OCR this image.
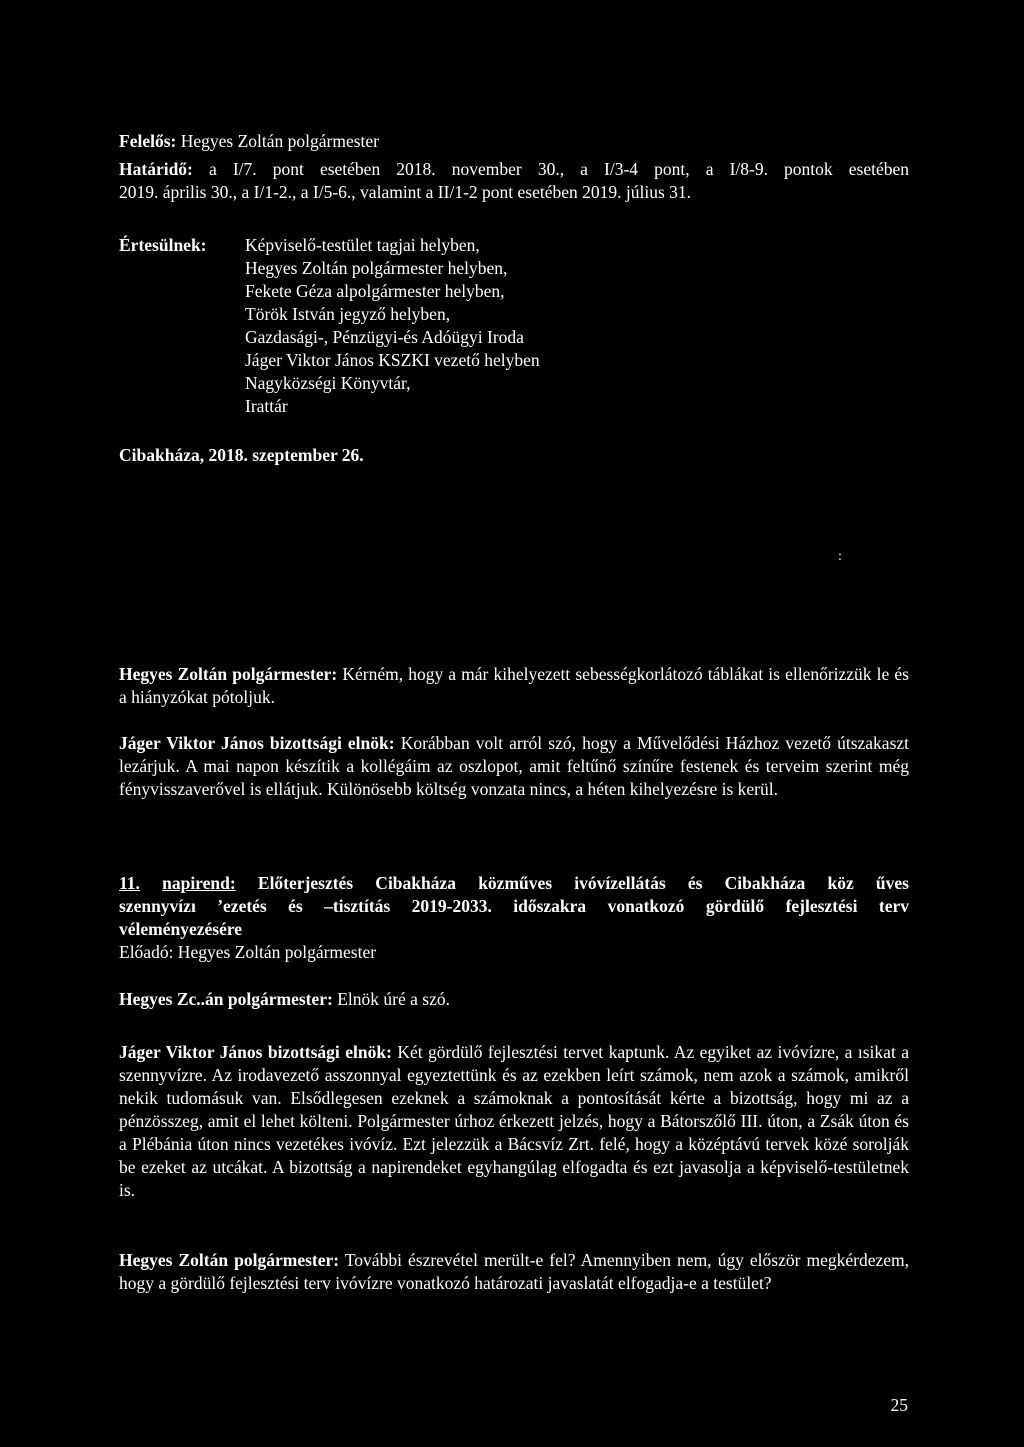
Felelős: Hegyes Zoltán polgármester
Határidő: a I/7. pont esetében 2018. november 30., a I/3-4 pont, a I/8-9. pontok esetében
2019. április 30., a I/1-2., a I/5-6., valamint a II/1-2 pont esetében 2019. július 31.
Értesülnek: Képviselő-testület tagjai helyben,
Hegyes Zoltán polgármester helyben,
Fekete Géza alpolgármester helyben,
Török István jegyző helyben,
Gazdasági-, Pénzügyi-és Adóügyi Iroda
Jáger Viktor János KSZKI vezető helyben
Nagyközségi Könyvtár,
Irattár
Cibakháza, 2018. szeptember 26.
:

Hegyes Zoltán polgármester: Kérném, hogy a már kihelyezett sebességkorlátozó táblákat is ellenőrizzük le és a hiányzókat pótoljuk.

Jáger Viktor János bizottsági elnök: Korábban volt arról szó, hogy a Művelődési Házhoz vezető útszakaszt lezárjuk. A mai napon készítik a kollégáim az oszlopot, amit feltűnő színűre festenek és terveim szerint még fényvisszaverővel is ellátjuk. Különösebb költség vonzata nincs, a héten kihelyezésre is kerül.

11. napirend: Előterjesztés Cibakháza közműves ivóvízellátás és Cibakháza köz űves
szennyvízı ’ezetés és –tisztítás 2019-2033. időszakra vonatkozó gördülő fejlesztési terv
véleményezésére
Előadó: Hegyes Zoltán polgármester

Hegyes Zc..án polgármester: Elnök úré a szó.

Jáger Viktor János bizottsági elnök: Két gördülő fejlesztési tervet kaptunk. Az egyiket az ivóvízre, a ısikat a szennyvízre. Az irodavezető asszonnyal egyeztettünk és az ezekben leírt számok, nem azok a számok, amikről nekik tudomásuk van. Elsődlegesen ezeknek a számoknak a pontosítását kérte a bizottság, hogy mi az a pénzösszeg, amit el lehet költeni. Polgármester úrhoz érkezett jelzés, hogy a Bátorszőlő III. úton, a Zsák úton és a Plébánia úton nincs vezetékes ivóvíz. Ezt jelezzük a Bácsvíz Zrt. felé, hogy a középtávú tervek közé sorolják be ezeket az utcákat. A bizottság a napirendeket egyhangúlag elfogadta és ezt javasolja a képviselő-testületnek is.

Hegyes Zoltán polgármester: További észrevétel merült-e fel? Amennyiben nem, úgy először megkérdezem, hogy a gördülő fejlesztési terv ivóvízre vonatkozó határozati javaslatát elfogadja-e a testület?

25
